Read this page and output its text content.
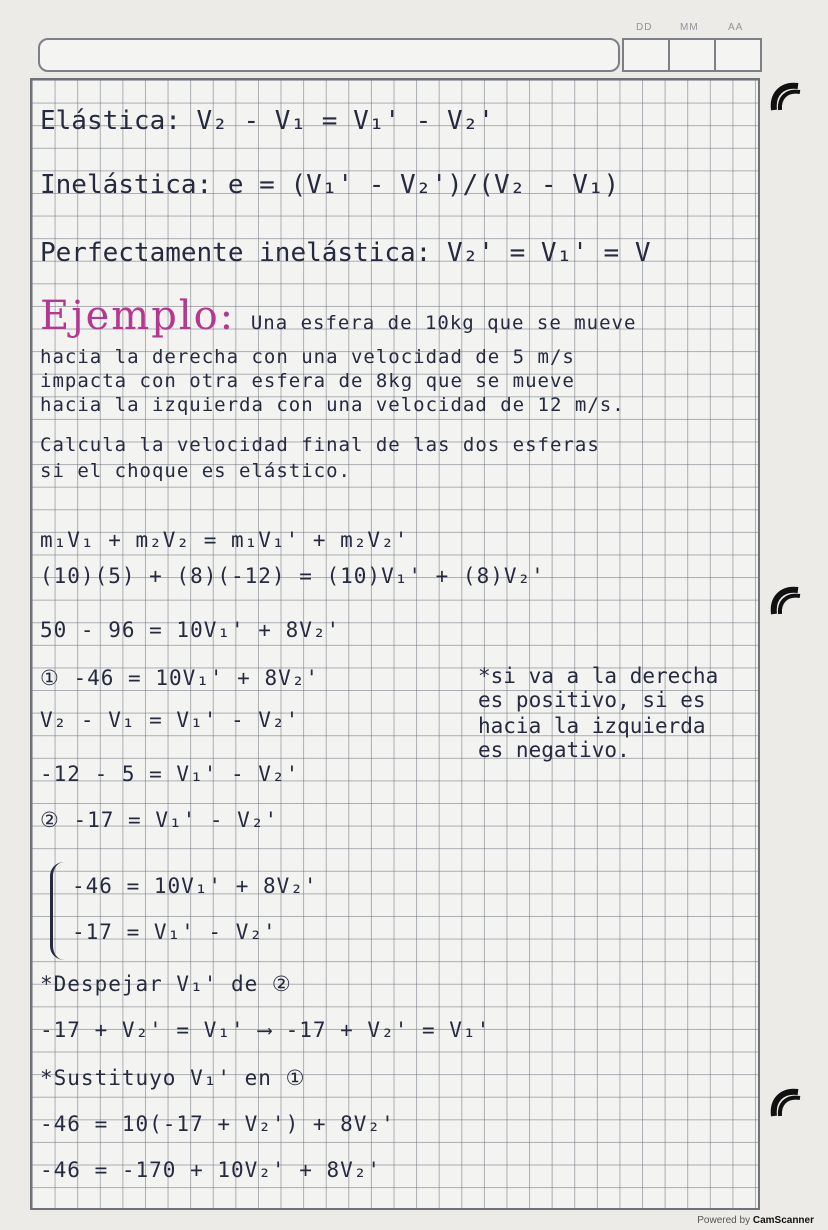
DD	MM	AA

Elástica: V₂ - V₁ = V₁' - V₂'

Inelástica: e = (V₁' - V₂')/(V₂ - V₁)

Perfectamente inelástica: V₂' = V₁' = V

Ejemplo: Una esfera de 10kg que se mueve

hacia la derecha con una velocidad de 5 m/s

impacta con otra esfera de 8kg que se mueve

hacia la izquierda con una velocidad de 12 m/s.

Calcula la velocidad final de las dos esferas

si el choque es elástico.

m₁V₁ + m₂V₂ = m₁V₁' + m₂V₂'

(10)(5) + (8)(-12) = (10)V₁' + (8)V₂'

50 - 96 = 10V₁' + 8V₂'

① -46 = 10V₁' + 8V₂'

V₂ - V₁ = V₁' - V₂'

-12 - 5 = V₁' - V₂'

② -17 = V₁' - V₂'

*si va a la derecha

es positivo, si es

hacia la izquierda

es negativo.

-46 = 10V₁' + 8V₂'

-17 = V₁' - V₂'

*Despejar V₁' de ②

-17 + V₂' = V₁' ⟶ -17 + V₂' = V₁'

*Sustituyo V₁' en ①

-46 = 10(-17 + V₂') + 8V₂'

-46 = -170 + 10V₂' + 8V₂'

Powered by CamScanner
